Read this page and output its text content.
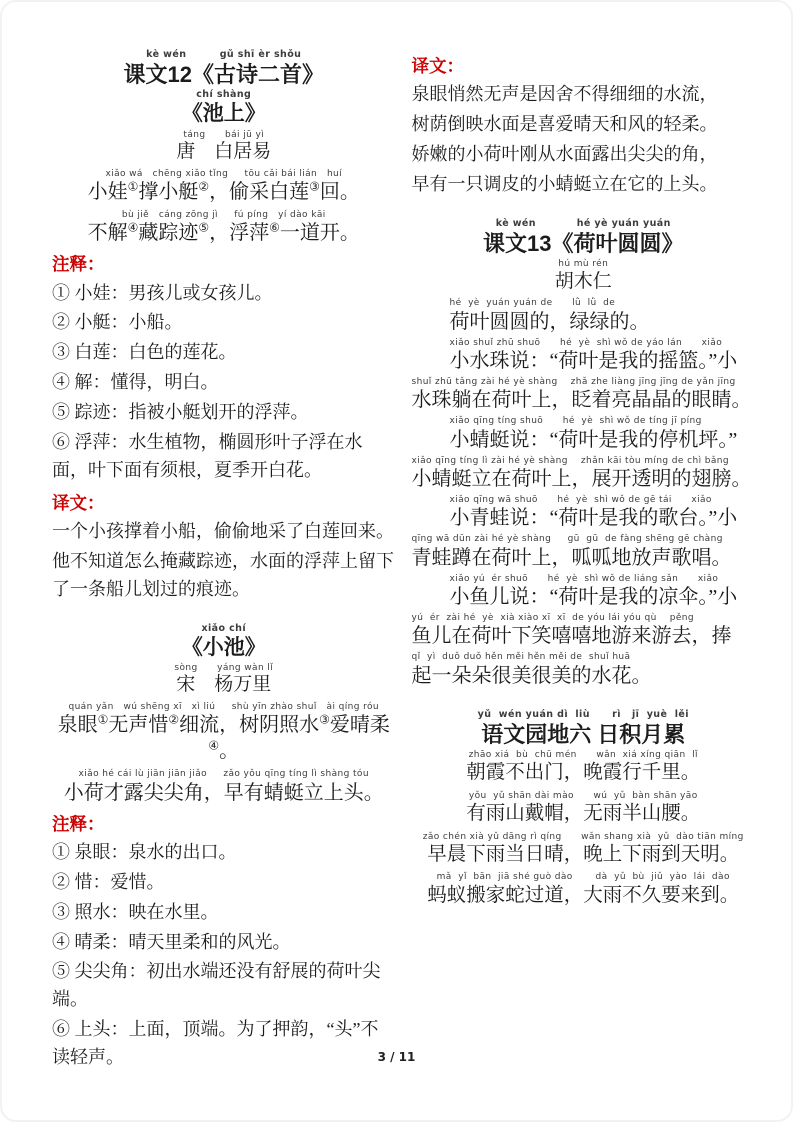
kè wén         gǔ shī èr shǒu
课文12《古诗二首》
chí shàng
《池上》
táng      bái jū yì
唐　白居易
xiǎo wá   chēng xiǎo tǐng     tōu cǎi bái lián   huí
小娃①撑小艇②，偷采白莲③回。
bù jiě   cáng zōng jì     fú píng   yí dào kāi
不解④藏踪迹⑤，浮萍⑥一道开。
注释：
① 小娃：男孩儿或女孩儿。
② 小艇：小船。
③ 白莲：白色的莲花。
④ 解：懂得，明白。
⑤ 踪迹：指被小艇划开的浮萍。
⑥ 浮萍：水生植物，椭圆形叶子浮在水面，叶下面有须根，夏季开白花。
译文：
一个小孩撑着小船，偷偷地采了白莲回来。
他不知道怎么掩藏踪迹，水面的浮萍上留下了一条船儿划过的痕迹。
xiǎo chí
《小池》
sòng      yáng wàn lǐ
宋　杨万里
quán yǎn   wú shēng xī   xì liú     shù yīn zhào shuǐ   ài qíng róu
泉眼①无声惜②细流，树阴照水③爱晴柔④。
xiǎo hé cái lù jiān jiān jiǎo     zǎo yǒu qīng tíng lì shàng tóu
小荷才露尖尖角，早有蜻蜓立上头。
注释：
① 泉眼：泉水的出口。
② 惜：爱惜。
③ 照水：映在水里。
④ 晴柔：晴天里柔和的风光。
⑤ 尖尖角：初出水端还没有舒展的荷叶尖端。
⑥ 上头：上面，顶端。为了押韵，“头”不读轻声。
译文：
泉眼悄然无声是因舍不得细细的水流，
树荫倒映水面是喜爱晴天和风的轻柔。
娇嫩的小荷叶刚从水面露出尖尖的角，
早有一只调皮的小蜻蜓立在它的上头。
kè wén           hé yè yuán yuán
课文13《荷叶圆圆》
hú mù rén
胡木仁
hé  yè  yuán yuán de      lǜ  lǜ  de
荷叶圆圆的，绿绿的。
xiǎo shuǐ zhū shuō      hé  yè  shì wǒ de yáo lán      xiǎo
小水珠说：“荷叶是我的摇篮。”小
shuǐ zhū tǎng zài hé yè shàng    zhǎ zhe liàng jīng jīng de yǎn jīng
水珠躺在荷叶上，眨着亮晶晶的眼睛。
xiǎo qīng tíng shuō      hé  yè  shì wǒ de tíng jī píng
小蜻蜓说：“荷叶是我的停机坪。”
xiǎo qīng tíng lì zài hé yè shàng    zhǎn kāi tòu míng de chì bǎng
小蜻蜓立在荷叶上，展开透明的翅膀。
xiǎo qīng wā shuō      hé  yè  shì wǒ de gē tái      xiǎo
小青蛙说：“荷叶是我的歌台。”小
qīng wā dūn zài hé yè shàng     gū  gū  de fàng shēng gē chàng
青蛙蹲在荷叶上，呱呱地放声歌唱。
xiǎo yú  ér shuō      hé  yè  shì wǒ de liáng sǎn      xiǎo
小鱼儿说：“荷叶是我的凉伞。”小
yú  ér  zài hé  yè  xià xiào xī  xī  de yóu lái yóu qù    pěng
鱼儿在荷叶下笑嘻嘻地游来游去，捧
qǐ  yì  duǒ duǒ hěn měi hěn měi de  shuǐ huā
起一朵朵很美很美的水花。
yǔ  wén yuán dì  liù      rì   jī  yuè  lěi
语文园地六 日积月累
zhāo xiá  bù  chū mén      wǎn  xiá xíng qiān  lǐ
朝霞不出门，晚霞行千里。
yǒu  yǔ shān dài mào      wú  yǔ  bàn shān yāo
有雨山戴帽，无雨半山腰。
zǎo chén xià yǔ dāng rì qíng      wǎn shang xià  yǔ  dào tiān míng
早晨下雨当日晴，晚上下雨到天明。
mǎ  yǐ  bān  jiā shé guò dào       dà  yǔ  bù  jiǔ  yào  lái  dào
蚂蚁搬家蛇过道，大雨不久要来到。
3 / 11
